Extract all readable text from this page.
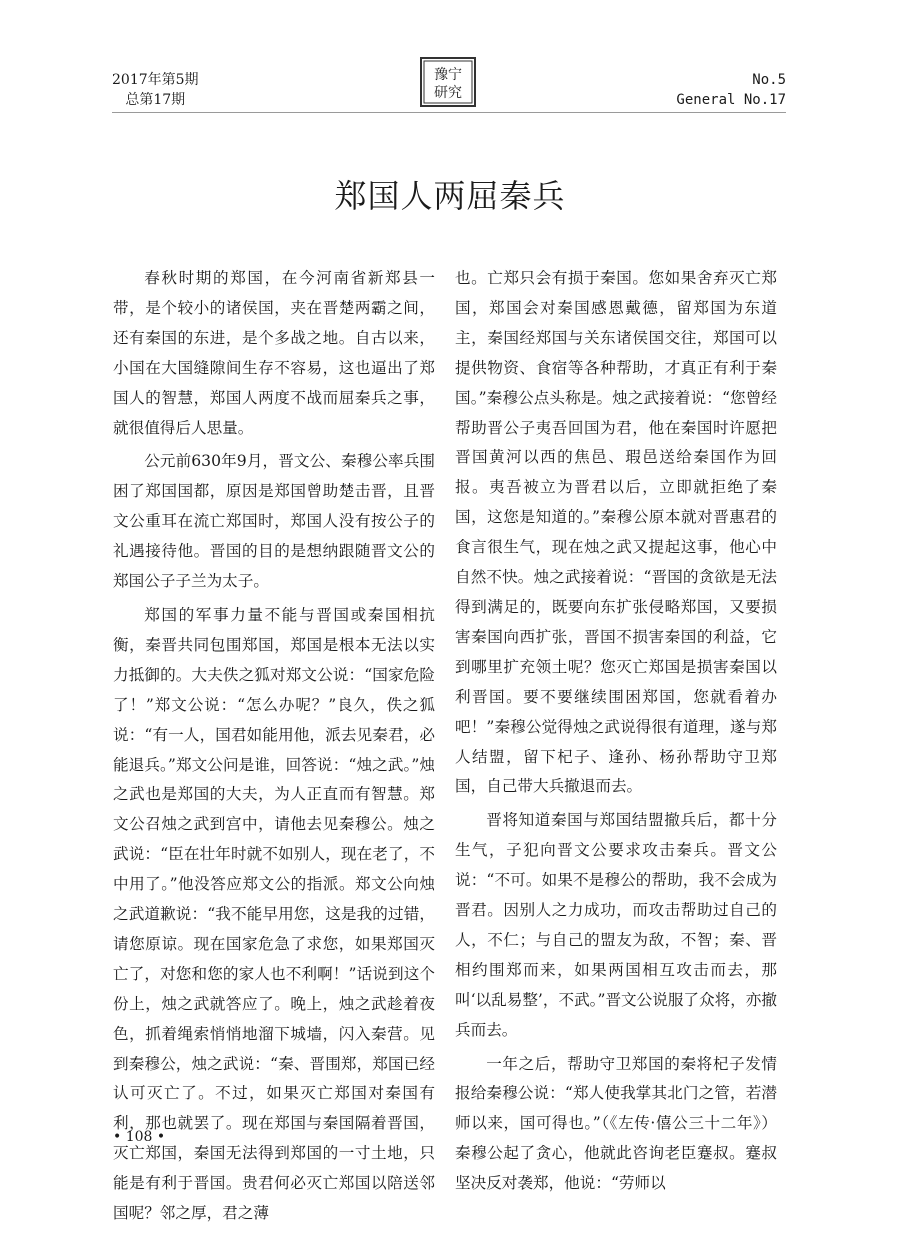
2017年第5期
总第17期
豫宁
研究
No.5
General No.17
郑国人两屈秦兵

春秋时期的郑国，在今河南省新郑县一带，是个较小的诸侯国，夹在晋楚两霸之间，还有秦国的东进，是个多战之地。自古以来，小国在大国缝隙间生存不容易，这也逼出了郑国人的智慧，郑国人两度不战而屈秦兵之事，就很值得后人思量。

公元前630年9月，晋文公、秦穆公率兵围困了郑国国都，原因是郑国曾助楚击晋，且晋文公重耳在流亡郑国时，郑国人没有按公子的礼遇接待他。晋国的目的是想纳跟随晋文公的郑国公子子兰为太子。

郑国的军事力量不能与晋国或秦国相抗衡，秦晋共同包围郑国，郑国是根本无法以实力抵御的。大夫佚之狐对郑文公说：“国家危险了！”郑文公说：“怎么办呢？”良久，佚之狐说：“有一人，国君如能用他，派去见秦君，必能退兵。”郑文公问是谁，回答说：“烛之武。”烛之武也是郑国的大夫，为人正直而有智慧。郑文公召烛之武到宫中，请他去见秦穆公。烛之武说：“臣在壮年时就不如别人，现在老了，不中用了。”他没答应郑文公的指派。郑文公向烛之武道歉说：“我不能早用您，这是我的过错，请您原谅。现在国家危急了求您，如果郑国灭亡了，对您和您的家人也不利啊！”话说到这个份上，烛之武就答应了。晚上，烛之武趁着夜色，抓着绳索悄悄地溜下城墙，闪入秦营。见到秦穆公，烛之武说：“秦、晋围郑，郑国已经认可灭亡了。不过，如果灭亡郑国对秦国有利，那也就罢了。现在郑国与秦国隔着晋国，灭亡郑国，秦国无法得到郑国的一寸土地，只能是有利于晋国。贵君何必灭亡郑国以陪送邻国呢？邻之厚，君之薄

也。亡郑只会有损于秦国。您如果舍弃灭亡郑国，郑国会对秦国感恩戴德，留郑国为东道主，秦国经郑国与关东诸侯国交往，郑国可以提供物资、食宿等各种帮助，才真正有利于秦国。”秦穆公点头称是。烛之武接着说：“您曾经帮助晋公子夷吾回国为君，他在秦国时许愿把晋国黄河以西的焦邑、瑕邑送给秦国作为回报。夷吾被立为晋君以后，立即就拒绝了秦国，这您是知道的。”秦穆公原本就对晋惠君的食言很生气，现在烛之武又提起这事，他心中自然不快。烛之武接着说：“晋国的贪欲是无法得到满足的，既要向东扩张侵略郑国，又要损害秦国向西扩张，晋国不损害秦国的利益，它到哪里扩充领土呢？您灭亡郑国是损害秦国以利晋国。要不要继续围困郑国，您就看着办吧！”秦穆公觉得烛之武说得很有道理，遂与郑人结盟，留下杞子、逢孙、杨孙帮助守卫郑国，自己带大兵撤退而去。

晋将知道秦国与郑国结盟撤兵后，都十分生气，子犯向晋文公要求攻击秦兵。晋文公说：“不可。如果不是穆公的帮助，我不会成为晋君。因别人之力成功，而攻击帮助过自己的人，不仁；与自己的盟友为敌，不智；秦、晋相约围郑而来，如果两国相互攻击而去，那叫‘以乱易整’，不武。”晋文公说服了众将，亦撤兵而去。

一年之后，帮助守卫郑国的秦将杞子发情报给秦穆公说：“郑人使我掌其北门之管，若潜师以来，国可得也。”（《左传·僖公三十二年》）秦穆公起了贪心，他就此咨询老臣蹇叔。蹇叔坚决反对袭郑，他说：“劳师以

• 108 •
